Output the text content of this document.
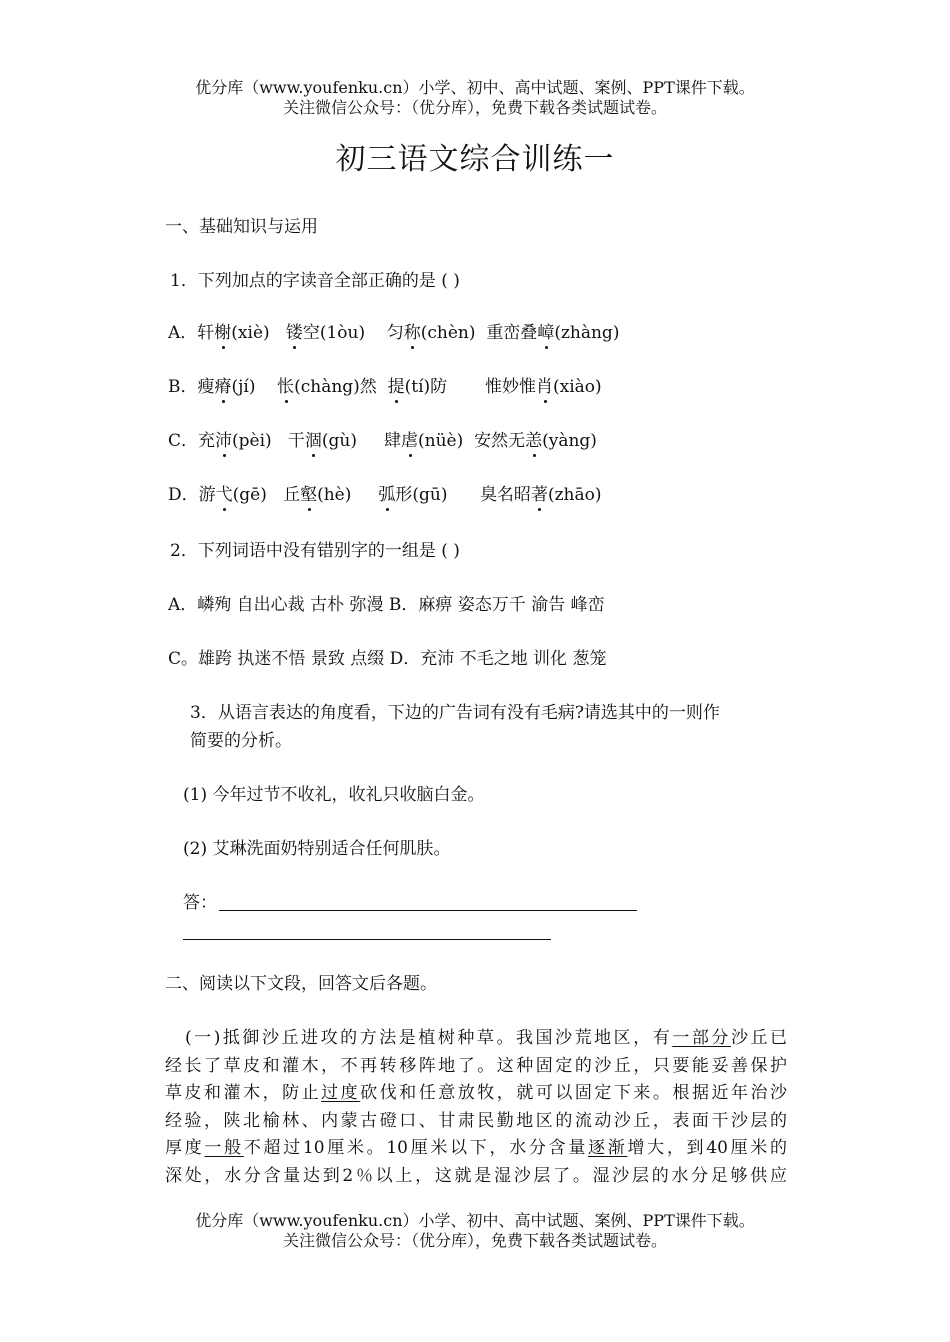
优分库（www.youfenku.cn）小学、初中、高中试题、案例、PPT课件下载。
关注微信公众号：（优分库），免费下载各类试题试卷。
初三语文综合训练一
一、基础知识与运用
1．下列加点的字读音全部正确的是 ( )
A．轩榭(xiè) 镂空(1òu) 匀称(chèn) 重峦叠嶂(zhàng)
B．瘦瘠(jí) 怅(chàng)然 提(tí)防 惟妙惟肖(xiào)
C．充沛(pèi) 干涸(gù) 肆虐(nüè) 安然无恙(yàng)
D．游弋(gē) 丘壑(hè) 弧形(gū) 臭名昭著(zhāo)
2．下列词语中没有错别字的一组是 ( )
A．嶙殉 自出心裁 古朴 弥漫 B．麻痹 姿态万千 渝告 峰峦
C。雄跨 执迷不悟 景致 点缀 D．充沛 不毛之地 训化 葱笼
3．从语言表达的角度看，下边的广告词有没有毛病?请选其中的一则作
简要的分析。
(1) 今年过节不收礼，收礼只收脑白金。
(2) 艾琳洗面奶特别适合任何肌肤。
答：
二、阅读以下文段，回答文后各题。
(一)抵御沙丘进攻的方法是植树种草。我国沙荒地区，有一部分沙丘已
经长了草皮和灌木，不再转移阵地了。这种固定的沙丘，只要能妥善保护
草皮和灌木，防止过度砍伐和任意放牧，就可以固定下来。根据近年治沙
经验，陕北榆林、内蒙古磴口、甘肃民勤地区的流动沙丘，表面干沙层的
厚度一般不超过10厘米。10厘米以下，水分含量逐渐增大，到40厘米的
深处，水分含量达到2％以上，这就是湿沙层了。湿沙层的水分足够供应
优分库（www.youfenku.cn）小学、初中、高中试题、案例、PPT课件下载。
关注微信公众号：（优分库），免费下载各类试题试卷。
